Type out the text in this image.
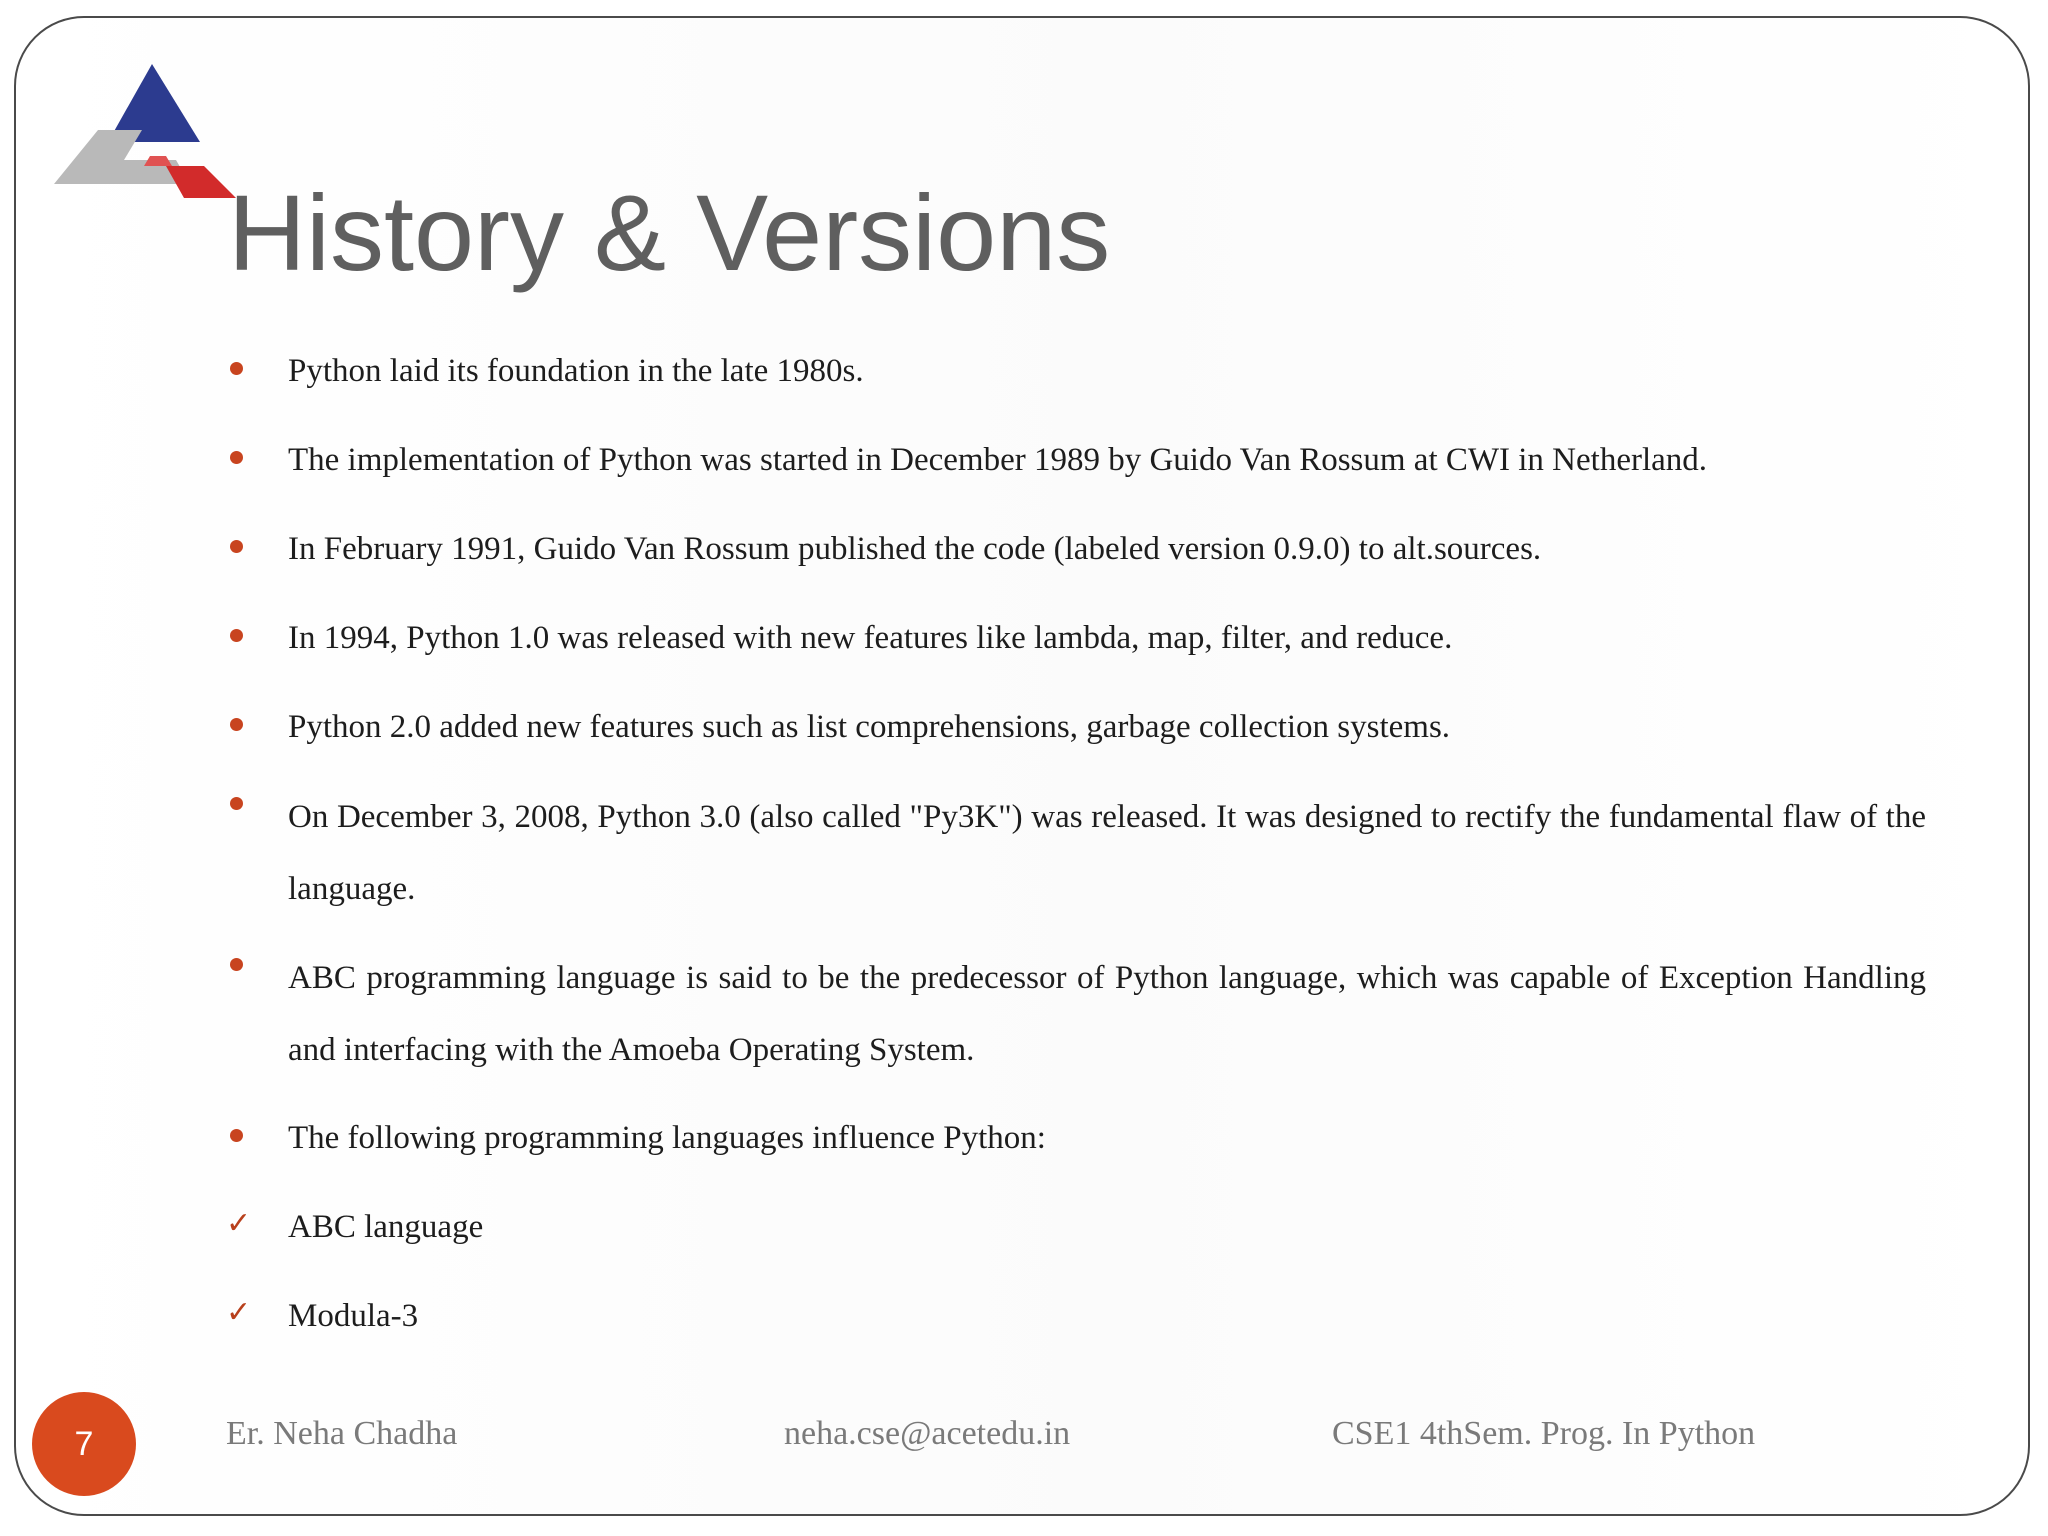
History & Versions
Python laid its foundation in the late 1980s.
The implementation of Python was started in December 1989 by Guido Van Rossum at CWI in Netherland.
In February 1991, Guido Van Rossum published the code (labeled version 0.9.0) to alt.sources.
In 1994, Python 1.0 was released with new features like lambda, map, filter, and reduce.
Python 2.0 added new features such as list comprehensions, garbage collection systems.
On December 3, 2008, Python 3.0 (also called "Py3K") was released. It was designed to rectify the fundamental flaw of the language.
ABC programming language is said to be the predecessor of Python language, which was capable of Exception Handling and interfacing with the Amoeba Operating System.
The following programming languages influence Python:
✓ ABC language
✓ Modula-3
7	Er. Neha Chadha	neha.cse@acetedu.in	CSE1 4thSem. Prog. In Python
